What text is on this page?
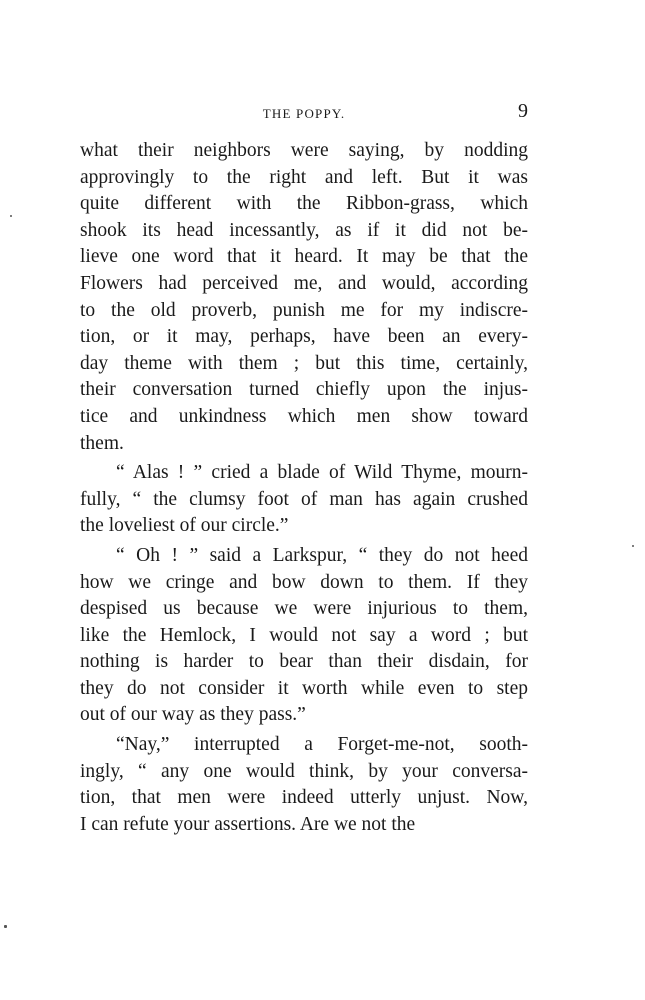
THE POPPY.	9
what their neighbors were saying, by nodding
approvingly to the right and left. But it was
quite different with the Ribbon-grass, which
shook its head incessantly, as if it did not be-
lieve one word that it heard. It may be that the
Flowers had perceived me, and would, according
to the old proverb, punish me for my indiscre-
tion, or it may, perhaps, have been an every-
day theme with them ; but this time, certainly,
their conversation turned chiefly upon the injus-
tice and unkindness which men show toward
them.
“ Alas ! ” cried a blade of Wild Thyme, mourn-
fully, “ the clumsy foot of man has again crushed
the loveliest of our circle.”
“ Oh ! ” said a Larkspur, “ they do not heed
how we cringe and bow down to them. If they
despised us because we were injurious to them,
like the Hemlock, I would not say a word ; but
nothing is harder to bear than their disdain, for
they do not consider it worth while even to step
out of our way as they pass.”
“Nay,” interrupted a Forget-me-not, sooth-
ingly, “ any one would think, by your conversa-
tion, that men were indeed utterly unjust. Now,
I can refute your assertions. Are we not the
